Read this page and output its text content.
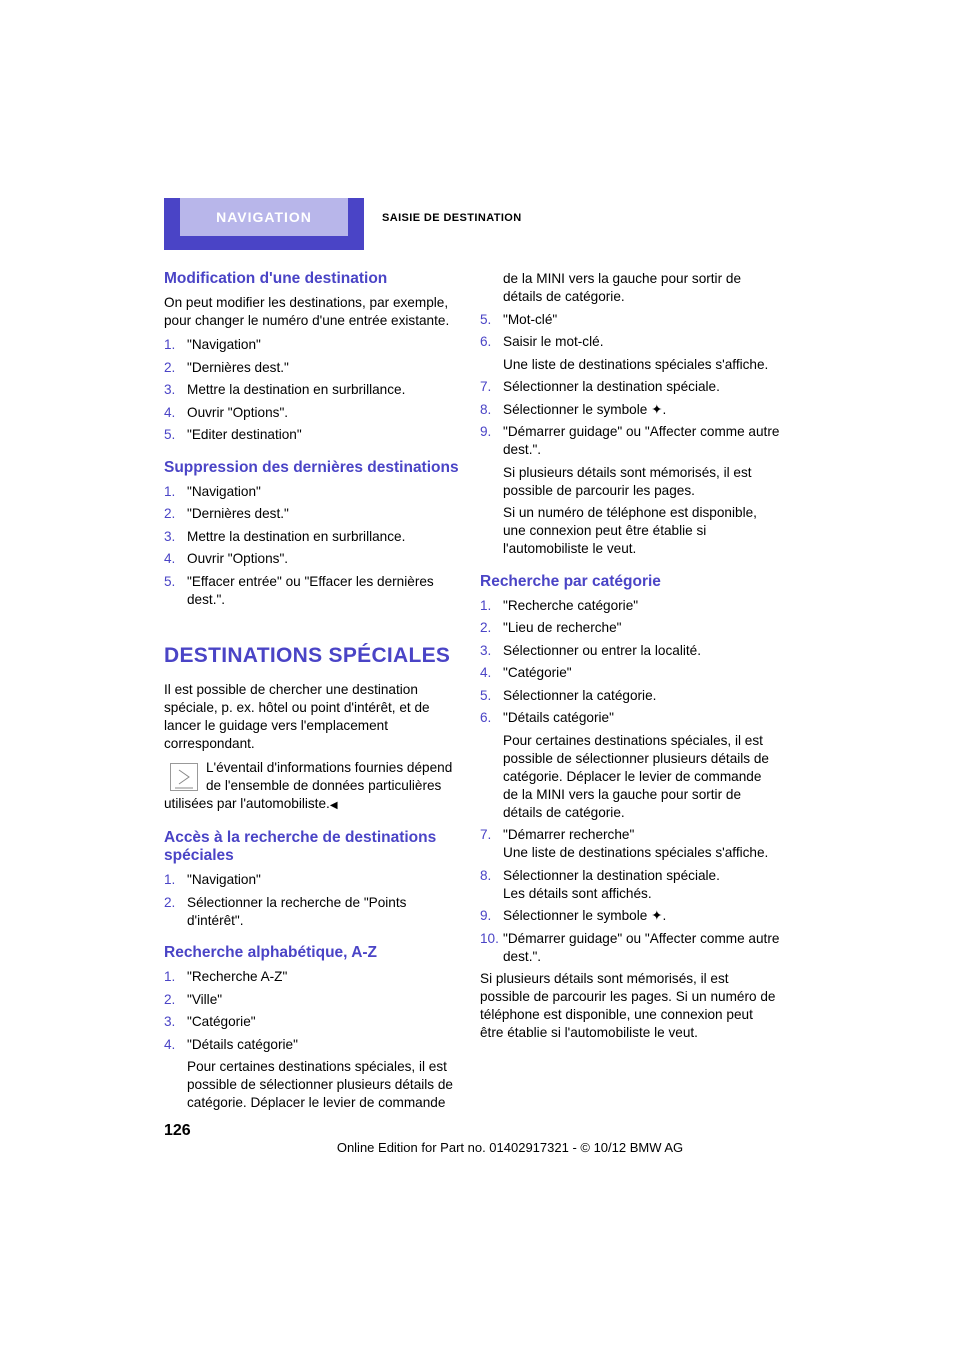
NAVIGATION	SAISIE DE DESTINATION
Modification d'une destination

On peut modifier les destinations, par exemple, pour changer le numéro d'une entrée existante.

1. "Navigation"
2. "Dernières dest."
3. Mettre la destination en surbrillance.
4. Ouvrir "Options".
5. "Editer destination"
Suppression des dernières destinations
1. "Navigation"
2. "Dernières dest."
3. Mettre la destination en surbrillance.
4. Ouvrir "Options".
5. "Effacer entrée" ou "Effacer les dernières dest.".
DESTINATIONS SPÉCIALES

Il est possible de chercher une destination spéciale, p. ex. hôtel ou point d'intérêt, et de lancer le guidage vers l'emplacement correspondant.

L'éventail d'informations fournies dépend de l'ensemble de données particulières utilisées par l'automobiliste.◀
Accès à la recherche de destinations spéciales
1. "Navigation"
2. Sélectionner la recherche de "Points d'intérêt".
Recherche alphabétique, A-Z
1. "Recherche A-Z"
2. "Ville"
3. "Catégorie"
4. "Détails catégorie"
Pour certaines destinations spéciales, il est possible de sélectionner plusieurs détails de catégorie. Déplacer le levier de commande
de la MINI vers la gauche pour sortir de détails de catégorie.
5. "Mot-clé"
6. Saisir le mot-clé.
Une liste de destinations spéciales s'affiche.
7. Sélectionner la destination spéciale.
8. Sélectionner le symbole ✦.
9. "Démarrer guidage" ou "Affecter comme autre dest.".
Si plusieurs détails sont mémorisés, il est possible de parcourir les pages.
Si un numéro de téléphone est disponible, une connexion peut être établie si l'automobiliste le veut.
Recherche par catégorie
1. "Recherche catégorie"
2. "Lieu de recherche"
3. Sélectionner ou entrer la localité.
4. "Catégorie"
5. Sélectionner la catégorie.
6. "Détails catégorie"
Pour certaines destinations spéciales, il est possible de sélectionner plusieurs détails de catégorie. Déplacer le levier de commande de la MINI vers la gauche pour sortir de détails de catégorie.
7. "Démarrer recherche"
Une liste de destinations spéciales s'affiche.
8. Sélectionner la destination spéciale.
Les détails sont affichés.
9. Sélectionner le symbole ✦.
10. "Démarrer guidage" ou "Affecter comme autre dest.".

Si plusieurs détails sont mémorisés, il est possible de parcourir les pages. Si un numéro de téléphone est disponible, une connexion peut être établie si l'automobiliste le veut.

126
Online Edition for Part no. 01402917321 - © 10/12 BMW AG
